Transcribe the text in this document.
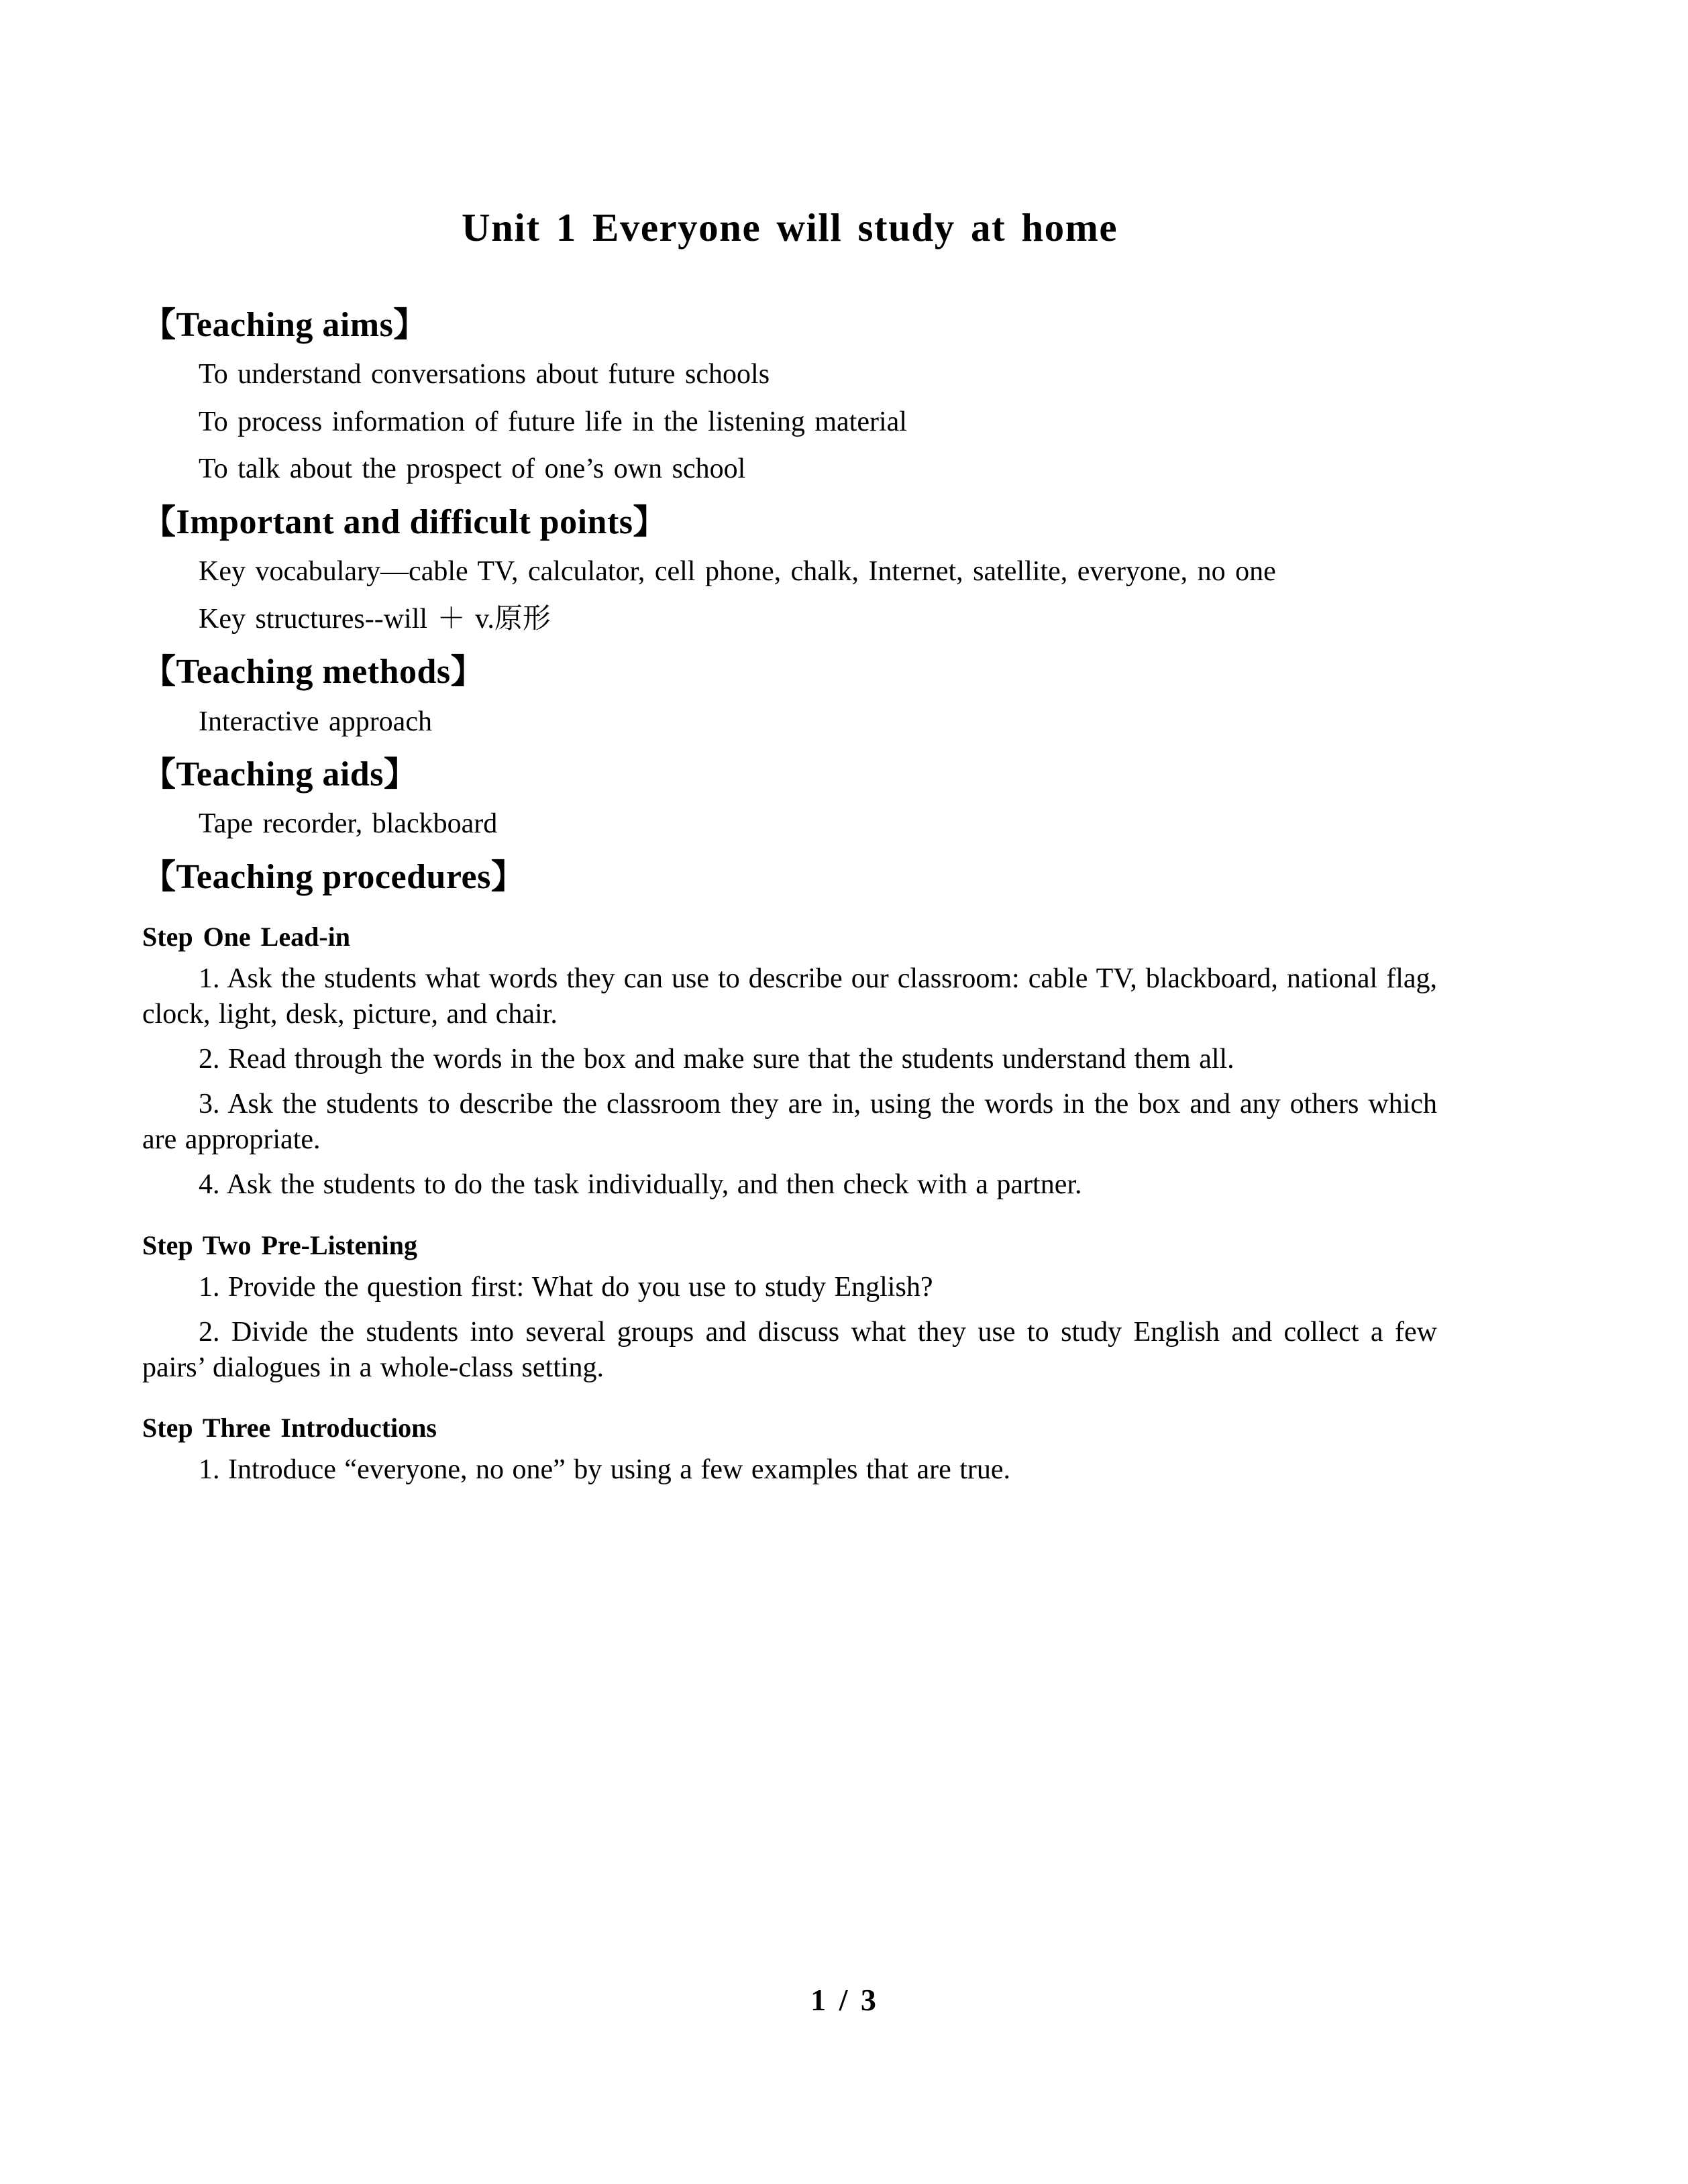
Unit 1 Everyone will study at home
【Teaching aims】

To understand conversations about future schools

To process information of future life in the listening material

To talk about the prospect of one’s own school

【Important and difficult points】

Key vocabulary—cable TV, calculator, cell phone, chalk, Internet, satellite, everyone, no one

Key structures--will ＋ v.原形

【Teaching methods】

Interactive approach

【Teaching aids】

Tape recorder, blackboard

【Teaching procedures】
Step One Lead-in

1. Ask the students what words they can use to describe our classroom: cable TV, blackboard, national flag, clock, light, desk, picture, and chair.

2. Read through the words in the box and make sure that the students understand them all.

3. Ask the students to describe the classroom they are in, using the words in the box and any others which are appropriate.

4. Ask the students to do the task individually, and then check with a partner.

Step Two Pre-Listening

1. Provide the question first: What do you use to study English?

2. Divide the students into several groups and discuss what they use to study English and collect a few pairs’ dialogues in a whole-class setting.

Step Three Introductions

1. Introduce “everyone, no one” by using a few examples that are true.

1 / 3
